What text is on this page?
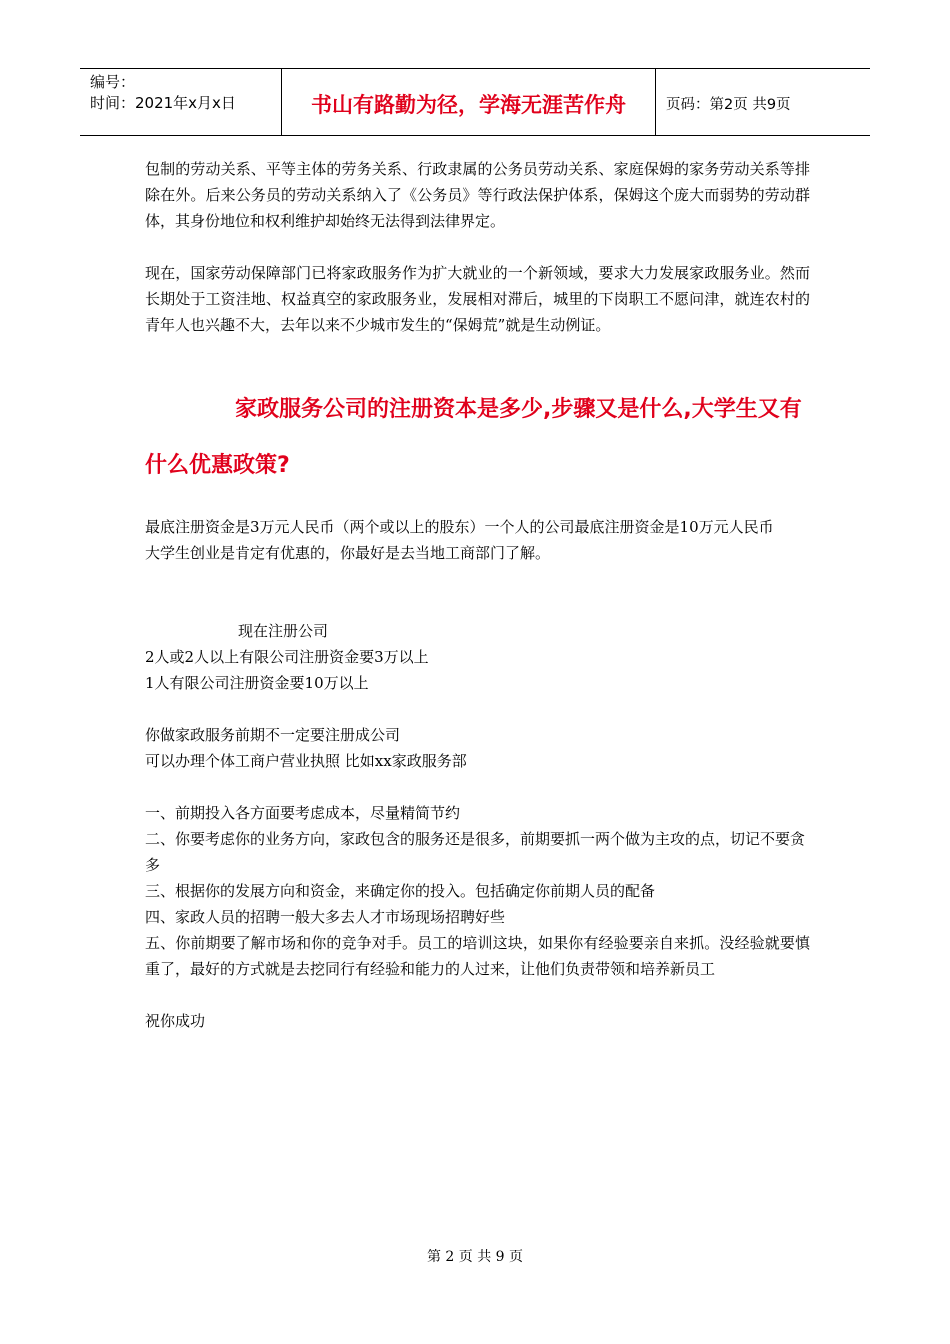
编号：
时间：2021年x月x日	书山有路勤为径，学海无涯苦作舟	页码：第2页 共9页

包制的劳动关系、平等主体的劳务关系、行政隶属的公务员劳动关系、家庭保姆的家务劳动关系等排除在外。后来公务员的劳动关系纳入了《公务员》等行政法保护体系，保姆这个庞大而弱势的劳动群体，其身份地位和权利维护却始终无法得到法律界定。

现在，国家劳动保障部门已将家政服务作为扩大就业的一个新领域，要求大力发展家政服务业。然而长期处于工资洼地、权益真空的家政服务业，发展相对滞后，城里的下岗职工不愿问津，就连农村的青年人也兴趣不大，去年以来不少城市发生的“保姆荒”就是生动例证。

家政服务公司的注册资本是多少,步骤又是什么,大学生又有
什么优惠政策?

最底注册资金是3万元人民币（两个或以上的股东）一个人的公司最底注册资金是10万元人民币

大学生创业是肯定有优惠的，你最好是去当地工商部门了解。

现在注册公司

2人或2人以上有限公司注册资金要3万以上

1人有限公司注册资金要10万以上

你做家政服务前期不一定要注册成公司

可以办理个体工商户营业执照 比如xx家政服务部

一、前期投入各方面要考虑成本，尽量精简节约

二、你要考虑你的业务方向，家政包含的服务还是很多，前期要抓一两个做为主攻的点，切记不要贪多

三、根据你的发展方向和资金，来确定你的投入。包括确定你前期人员的配备

四、家政人员的招聘一般大多去人才市场现场招聘好些

五、你前期要了解市场和你的竞争对手。员工的培训这块，如果你有经验要亲自来抓。没经验就要慎重了，最好的方式就是去挖同行有经验和能力的人过来，让他们负责带领和培养新员工

祝你成功

第 2 页 共 9 页
